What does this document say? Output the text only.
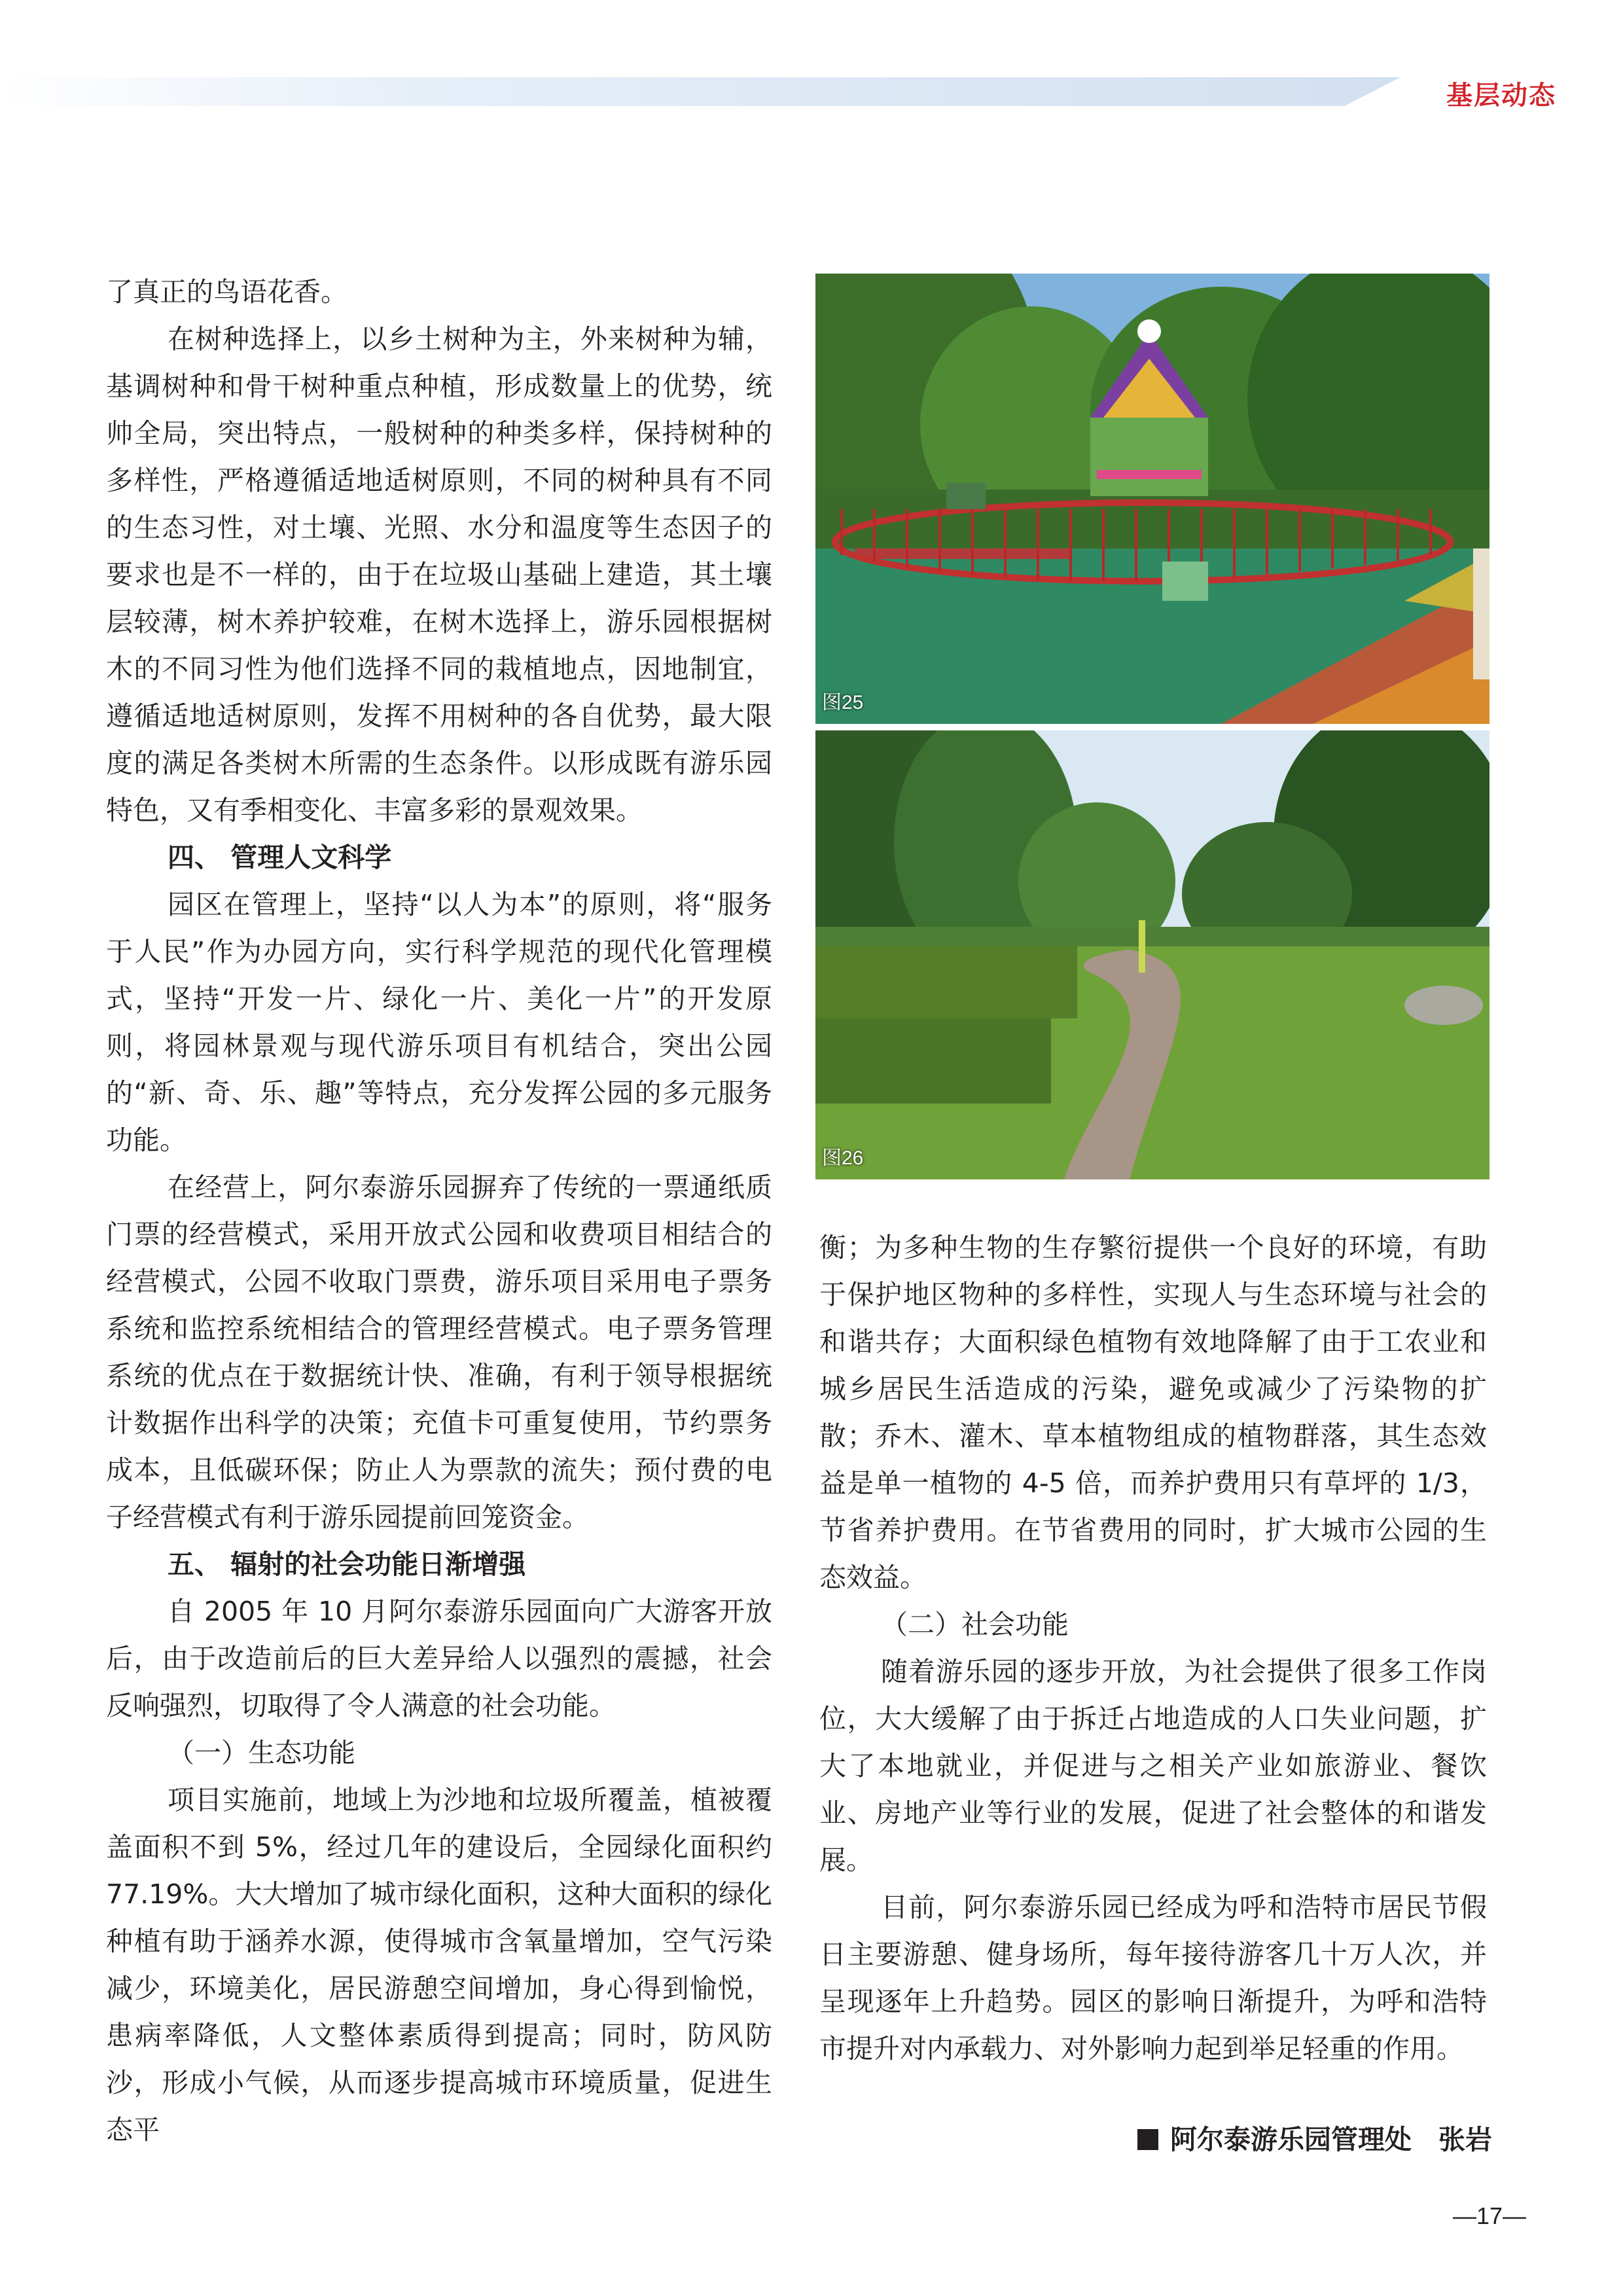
基层动态

了真正的鸟语花香。

在树种选择上，以乡土树种为主，外来树种为辅，基调树种和骨干树种重点种植，形成数量上的优势，统帅全局，突出特点，一般树种的种类多样，保持树种的多样性，严格遵循适地适树原则，不同的树种具有不同的生态习性，对土壤、光照、水分和温度等生态因子的要求也是不一样的，由于在垃圾山基础上建造，其土壤层较薄，树木养护较难，在树木选择上，游乐园根据树木的不同习性为他们选择不同的栽植地点，因地制宜，遵循适地适树原则，发挥不用树种的各自优势，最大限度的满足各类树木所需的生态条件。以形成既有游乐园特色，又有季相变化、丰富多彩的景观效果。

四、 管理人文科学

园区在管理上，坚持“以人为本”的原则，将“服务于人民”作为办园方向，实行科学规范的现代化管理模式，坚持“开发一片、绿化一片、美化一片”的开发原则，将园林景观与现代游乐项目有机结合，突出公园的“新、奇、乐、趣”等特点，充分发挥公园的多元服务功能。

在经营上，阿尔泰游乐园摒弃了传统的一票通纸质门票的经营模式，采用开放式公园和收费项目相结合的经营模式，公园不收取门票费，游乐项目采用电子票务系统和监控系统相结合的管理经营模式。电子票务管理系统的优点在于数据统计快、准确，有利于领导根据统计数据作出科学的决策；充值卡可重复使用，节约票务成本，且低碳环保；防止人为票款的流失；预付费的电子经营模式有利于游乐园提前回笼资金。

五、 辐射的社会功能日渐增强

自 2005 年 10 月阿尔泰游乐园面向广大游客开放后，由于改造前后的巨大差异给人以强烈的震撼，社会反响强烈，切取得了令人满意的社会功能。

（一）生态功能

项目实施前，地域上为沙地和垃圾所覆盖，植被覆盖面积不到 5%，经过几年的建设后，全园绿化面积约 77.19%。大大增加了城市绿化面积，这种大面积的绿化种植有助于涵养水源，使得城市含氧量增加，空气污染减少，环境美化，居民游憩空间增加，身心得到愉悦，患病率降低，人文整体素质得到提高；同时，防风防沙，形成小气候，从而逐步提高城市环境质量，促进生态平

图25
图26

衡；为多种生物的生存繁衍提供一个良好的环境，有助于保护地区物种的多样性，实现人与生态环境与社会的和谐共存；大面积绿色植物有效地降解了由于工农业和城乡居民生活造成的污染，避免或减少了污染物的扩散；乔木、灌木、草本植物组成的植物群落，其生态效益是单一植物的 4-5 倍，而养护费用只有草坪的 1/3，节省养护费用。在节省费用的同时，扩大城市公园的生态效益。

（二）社会功能

随着游乐园的逐步开放，为社会提供了很多工作岗位，大大缓解了由于拆迁占地造成的人口失业问题，扩大了本地就业，并促进与之相关产业如旅游业、餐饮业、房地产业等行业的发展，促进了社会整体的和谐发展。

目前，阿尔泰游乐园已经成为呼和浩特市居民节假日主要游憩、健身场所，每年接待游客几十万人次，并呈现逐年上升趋势。园区的影响日渐提升，为呼和浩特市提升对内承载力、对外影响力起到举足轻重的作用。

阿尔泰游乐园管理处　张岩
—17—
